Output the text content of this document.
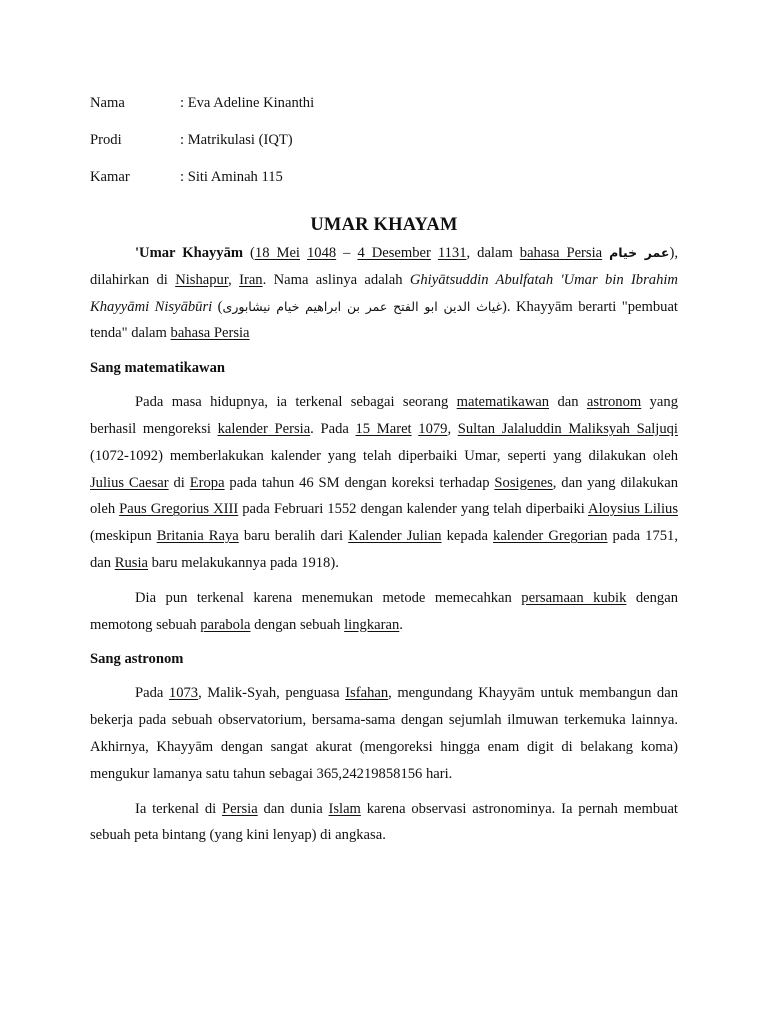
Nama	: Eva Adeline Kinanthi
Prodi	: Matrikulasi (IQT)
Kamar	: Siti Aminah 115
UMAR KHAYAM

'Umar Khayyām (18 Mei 1048 – 4 Desember 1131, dalam bahasa Persia عمر خیام), dilahirkan di Nishapur, Iran. Nama aslinya adalah Ghiyātsuddin Abulfatah 'Umar bin Ibrahim Khayyāmi Nisyābūri (غیاث الدین ابو الفتح عمر بن ابراهیم خیام نیشابوری). Khayyām berarti "pembuat tenda" dalam bahasa Persia

Sang matematikawan

Pada masa hidupnya, ia terkenal sebagai seorang matematikawan dan astronom yang berhasil mengoreksi kalender Persia. Pada 15 Maret 1079, Sultan Jalaluddin Maliksyah Saljuqi (1072-1092) memberlakukan kalender yang telah diperbaiki Umar, seperti yang dilakukan oleh Julius Caesar di Eropa pada tahun 46 SM dengan koreksi terhadap Sosigenes, dan yang dilakukan oleh Paus Gregorius XIII pada Februari 1552 dengan kalender yang telah diperbaiki Aloysius Lilius (meskipun Britania Raya baru beralih dari Kalender Julian kepada kalender Gregorian pada 1751, dan Rusia baru melakukannya pada 1918).

Dia pun terkenal karena menemukan metode memecahkan persamaan kubik dengan memotong sebuah parabola dengan sebuah lingkaran.

Sang astronom

Pada 1073, Malik-Syah, penguasa Isfahan, mengundang Khayyām untuk membangun dan bekerja pada sebuah observatorium, bersama-sama dengan sejumlah ilmuwan terkemuka lainnya. Akhirnya, Khayyām dengan sangat akurat (mengoreksi hingga enam digit di belakang koma) mengukur lamanya satu tahun sebagai 365,24219858156 hari.

Ia terkenal di Persia dan dunia Islam karena observasi astronominya. Ia pernah membuat sebuah peta bintang (yang kini lenyap) di angkasa.
